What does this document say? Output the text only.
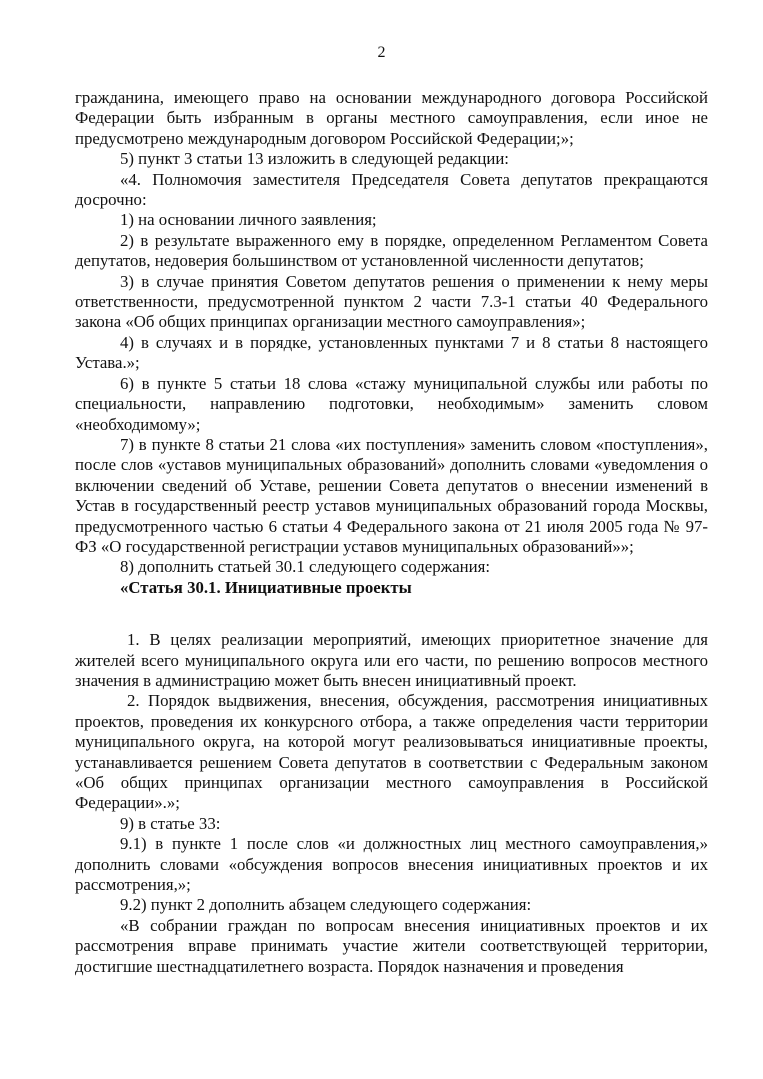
2

гражданина, имеющего право на основании международного договора Российской Федерации быть избранным в органы местного самоуправления, если иное не предусмотрено международным договором Российской Федерации;»;

5) пункт 3 статьи 13 изложить в следующей редакции:

«4. Полномочия заместителя Председателя Совета депутатов прекращаются досрочно:

1) на основании личного заявления;

2) в результате выраженного ему в порядке, определенном Регламентом Совета депутатов, недоверия большинством от установленной численности депутатов;

3) в случае принятия Советом депутатов решения о применении к нему меры ответственности, предусмотренной пунктом 2 части 7.3-1 статьи 40 Федерального закона «Об общих принципах организации местного самоуправления»;

4) в случаях и в порядке, установленных пунктами 7 и 8 статьи 8 настоящего Устава.»;

6) в пункте 5 статьи 18 слова «стажу муниципальной службы или работы по специальности, направлению подготовки, необходимым» заменить словом «необходимому»;

7) в пункте 8 статьи 21 слова «их поступления» заменить словом «поступления», после слов «уставов муниципальных образований» дополнить словами «уведомления о включении сведений об Уставе, решении Совета депутатов о внесении изменений в Устав в государственный реестр уставов муниципальных образований города Москвы, предусмотренного частью 6 статьи 4 Федерального закона от 21 июля 2005 года № 97-ФЗ «О государственной регистрации уставов муниципальных образований»»;

8) дополнить статьей 30.1 следующего содержания:

«Статья 30.1. Инициативные проекты

1. В целях реализации мероприятий, имеющих приоритетное значение для жителей всего муниципального округа или его части, по решению вопросов местного значения в администрацию может быть внесен инициативный проект.

2. Порядок выдвижения, внесения, обсуждения, рассмотрения инициативных проектов, проведения их конкурсного отбора, а также определения части территории муниципального округа, на которой могут реализовываться инициативные проекты, устанавливается решением Совета депутатов в соответствии с Федеральным законом «Об общих принципах организации местного самоуправления в Российской Федерации».»;

9) в статье 33:

9.1) в пункте 1 после слов «и должностных лиц местного самоуправления,» дополнить словами «обсуждения вопросов внесения инициативных проектов и их рассмотрения,»;

9.2) пункт 2 дополнить абзацем следующего содержания:

«В собрании граждан по вопросам внесения инициативных проектов и их рассмотрения вправе принимать участие жители соответствующей территории, достигшие шестнадцатилетнего возраста. Порядок назначения и проведения
